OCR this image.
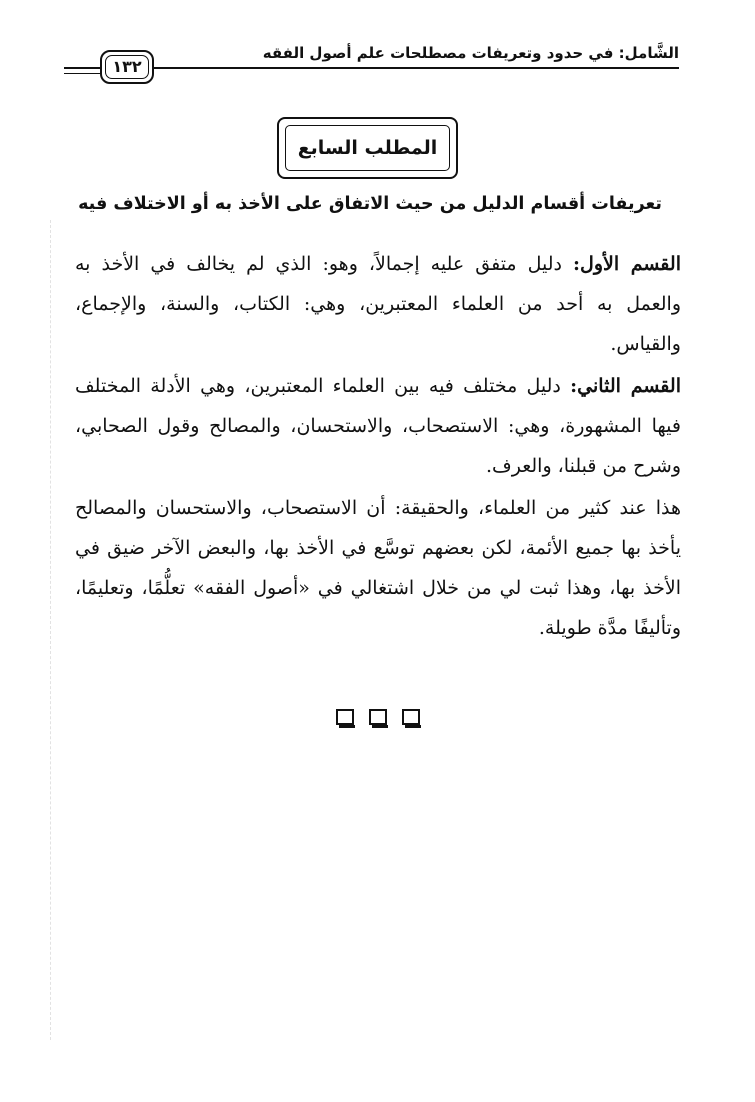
الشَّامل: في حدود وتعريفات مصطلحات علم أصول الفقه
١٣٢
المطلب السابع
تعريفات أقسام الدليل من حيث الاتفاق على الأخذ به أو الاختلاف فيه

القسم الأول: دليل متفق عليه إجمالاً، وهو: الذي لم يخالف في الأخذ به والعمل به أحد من العلماء المعتبرين، وهي: الكتاب، والسنة، والإجماع، والقياس.

القسم الثاني: دليل مختلف فيه بين العلماء المعتبرين، وهي الأدلة المختلف فيها المشهورة، وهي: الاستصحاب، والاستحسان، والمصالح وقول الصحابي، وشرح من قبلنا، والعرف.

هذا عند كثير من العلماء، والحقيقة: أن الاستصحاب، والاستحسان والمصالح يأخذ بها جميع الأئمة، لكن بعضهم توسَّع في الأخذ بها، والبعض الآخر ضيق في الأخذ بها، وهذا ثبت لي من خلال اشتغالي في «أصول الفقه» تعلُّمًا، وتعليمًا، وتأليفًا مدَّة طويلة.
